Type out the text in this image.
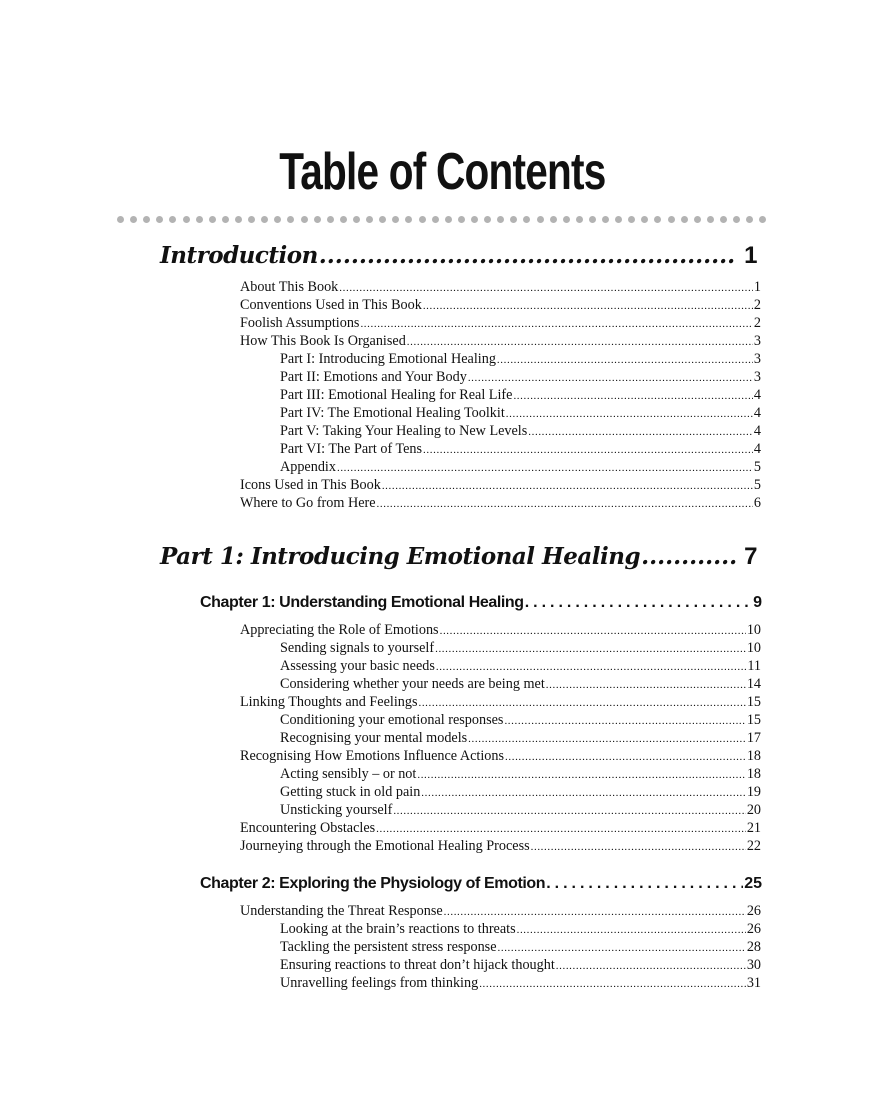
Table of Contents
Introduction .....	1
About This Book .....	1
Conventions Used in This Book .....	2
Foolish Assumptions .....	2
How This Book Is Organised .....	3
Part I: Introducing Emotional Healing .....	3
Part II: Emotions and Your Body .....	3
Part III: Emotional Healing for Real Life .....	4
Part IV: The Emotional Healing Toolkit .....	4
Part V: Taking Your Healing to New Levels .....	4
Part VI: The Part of Tens .....	4
Appendix .....	5
Icons Used in This Book .....	5
Where to Go from Here .....	6
Part 1: Introducing Emotional Healing .....	7
Chapter 1: Understanding Emotional Healing .....	9
Appreciating the Role of Emotions .....	10
Sending signals to yourself .....	10
Assessing your basic needs .....	11
Considering whether your needs are being met .....	14
Linking Thoughts and Feelings .....	15
Conditioning your emotional responses .....	15
Recognising your mental models .....	17
Recognising How Emotions Influence Actions .....	18
Acting sensibly – or not .....	18
Getting stuck in old pain .....	19
Unsticking yourself .....	20
Encountering Obstacles .....	21
Journeying through the Emotional Healing Process .....	22
Chapter 2: Exploring the Physiology of Emotion .....	25
Understanding the Threat Response .....	26
Looking at the brain’s reactions to threats .....	26
Tackling the persistent stress response .....	28
Ensuring reactions to threat don’t hijack thought .....	30
Unravelling feelings from thinking .....	31
